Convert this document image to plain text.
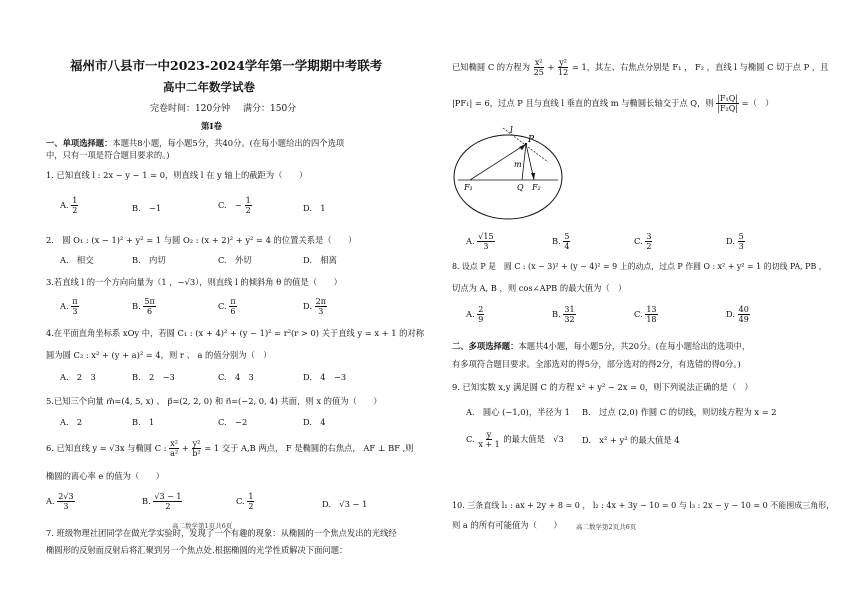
福州市八县市一中2023-2024学年第一学期期中考联考
高中二年数学试卷
完卷时间：120分钟 满分：150分
第Ⅰ卷
一、单项选择题：本题共8小题，每小题5分，共40分。(在每小题给出的四个选项
中，只有一项是符合题目要求的。)
1. 已知直线 l : 2x − y − 1 = 0，则直线 l 在 y 轴上的截距为（　　）
A. $\frac{1}{2}$	B.　−1	C.　− $\frac{1}{2}$	D.　1
2.　圆 O₁ : (x − 1)² + y² = 1 与圆 O₂ : (x + 2)² + y² = 4 的位置关系是（　　）
A.　相交	B.　内切	C.　外切	D.　相离
3.若直线 l 的一个方向向量为（1 ，−√3），则直线 l 的倾斜角 θ 的值是（　　）
A. $\frac{\pi}{3}$	B. $\frac{5\pi}{6}$	C. $\frac{\pi}{6}$	D. $\frac{2\pi}{3}$
4.在平面直角坐标系 xOy 中，若圆 C₁ : (x + 4)² + (y − 1)² = r²(r > 0) 关于直线 y = x + 1 的对称
圆为圆 C₂ : x² + (y + a)² = 4，则 r 、 a 的值分别为（　）
A.　2　3	B.　2　−3	C.　4　3	D.　4　−3
5.已知三个向量 m⃗=(4, 5, x) 、 p⃗=(2, 2, 0) 和 n⃗=(−2, 0, 4) 共面，则 x 的值为（　　）
A.　2	B.　1	C.　−2	D.　4
6. 已知直线 y = √3x 与椭圆 C : $\frac{\text{x²}}{\text{a²}} + \frac{\text{y²}}{\text{b²}} = 1$ 交于 A,B 两点， F 是椭圆的右焦点， AF ⊥ BF ,则
椭圆的离心率 e 的值为（　　）
A. $\frac{2√3}{3}$	B. $\frac{√3 - 1}{2}$	C. $\frac{1}{2}$	D.　√3 − 1
7. 班级物理社团同学在做光学实验时，发现了一个有趣的现象：从椭圆的一个焦点发出的光线经
高二数学第1页共6页
椭圆形的反射面反射后将汇聚到另一个焦点处.根据椭圆的光学性质解决下面问题：
已知椭圆 C 的方程为 $\frac{\text{x²}}{25} + \frac{\text{y²}}{12} = 1$，其左、右焦点分别是 F₁ ， F₂ ，直线 l 与椭圆 C 切于点 P ，且
|PF₁| = 6，过点 P 且与直线 l 垂直的直线 m 与椭圆长轴交于点 Q，则 $\frac{\text{|F₁Q|}}{\text{|F₂Q|}}$ =（　）
l
P
m
F₁	Q F₂
A. $\frac{√15}{3}$	B. $\frac{5}{4}$	C. $\frac{3}{2}$	D. $\frac{5}{3}$
8. 设点 P 是　圆 C : (x − 3)² + (y − 4)² = 9 上的动点，过点 P 作圆 O : x² + y² = 1 的切线 PA, PB ，
切点为 A, B ，则 cos∠APB 的最大值为（　）
A. $\frac{2}{9}$	B. $\frac{31}{32}$	C. $\frac{13}{18}$	D. $\frac{40}{49}$
二、多项选择题：本题共4小题，每小题5分，共20分。(在每小题给出的选项中，
有多项符合题目要求。全部选对的得5分，部分选对的得2分，有选错的得0分。)
9. 已知实数 x,y 满足圆 C 的方程 x² + y² − 2x = 0，则下列说法正确的是（　）
A.　圆心 (−1,0)，半径为 1 B.　过点 (2,0) 作圆 C 的切线，则切线方程为 x = 2
C. $\frac{y}{x + 1}$ 的最大值是　√3 D.　x² + y² 的最大值是 4
10. 三条直线 l₁ : ax + 2y + 8 = 0 ， l₂ : 4x + 3y − 10 = 0 与 l₃ : 2x − y − 10 = 0 不能围成三角形，
则 a 的所有可能值为（　　） 高二数学第2页共6页
